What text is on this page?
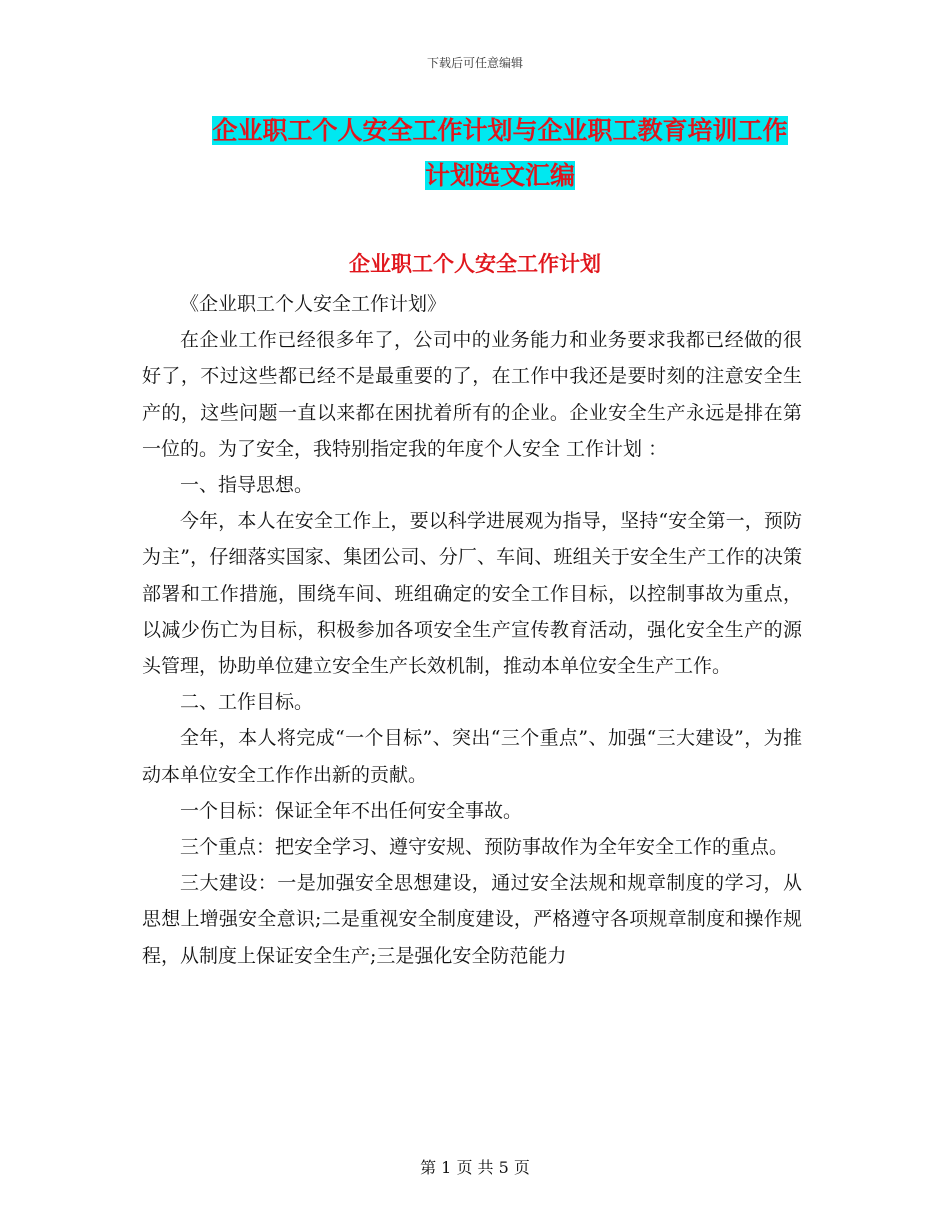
下载后可任意编辑
企业职工个人安全工作计划与企业职工教育培训工作
计划选文汇编
企业职工个人安全工作计划

《企业职工个人安全工作计划》

在企业工作已经很多年了，公司中的业务能力和业务要求我都已经做的很好了，不过这些都已经不是最重要的了，在工作中我还是要时刻的注意安全生产的，这些问题一直以来都在困扰着所有的企业。企业安全生产永远是排在第一位的。为了安全，我特别指定我的年度个人安全 工作计划 ：

一、指导思想。

今年，本人在安全工作上，要以科学进展观为指导，坚持“安全第一，预防为主”，仔细落实国家、集团公司、分厂、车间、班组关于安全生产工作的决策部署和工作措施，围绕车间、班组确定的安全工作目标，以控制事故为重点，以减少伤亡为目标，积极参加各项安全生产宣传教育活动，强化安全生产的源头管理，协助单位建立安全生产长效机制，推动本单位安全生产工作。

二、工作目标。

全年，本人将完成“一个目标”、突出“三个重点”、加强“三大建设”，为推动本单位安全工作作出新的贡献。

一个目标：保证全年不出任何安全事故。

三个重点：把安全学习、遵守安规、预防事故作为全年安全工作的重点。

三大建设：一是加强安全思想建设，通过安全法规和规章制度的学习，从思想上增强安全意识;二是重视安全制度建设，严格遵守各项规章制度和操作规程，从制度上保证安全生产;三是强化安全防范能力

第 1 页 共 5 页
